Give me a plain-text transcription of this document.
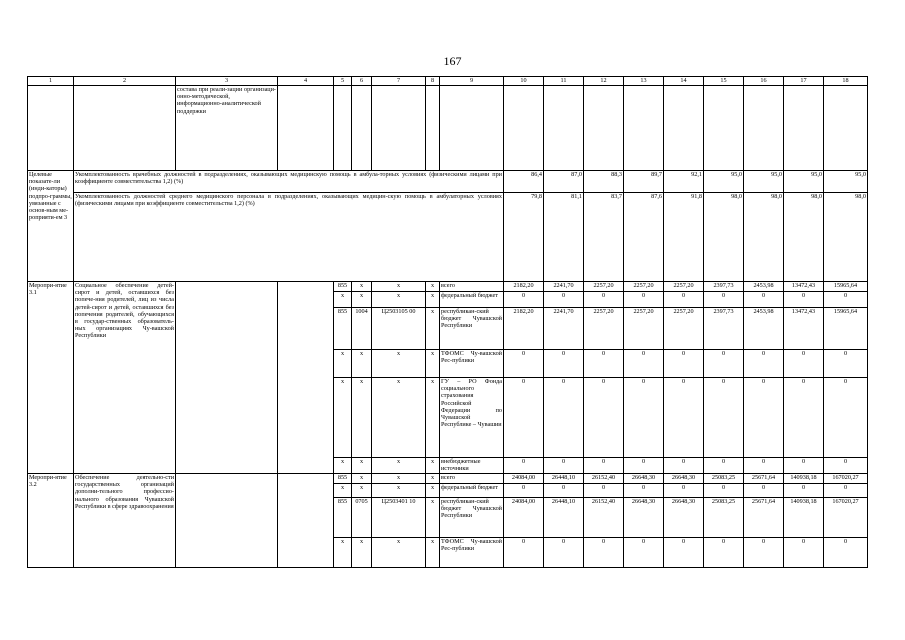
167
1	2	3	4	5	6	7	8	9	10	11	12	13	14	15	16	17	18
		состава при реали-зации организаци-онно-методической, информационно-аналитической поддержки															
Целевые показате-ли (инди-каторы) подпро-граммы, увязанные с основ-ным ме-роприяти-ем 3	Укомплектованность врачебных должностей в подразделениях, оказывающих медицинскую помощь в амбула-торных условиях (физическими лицами при коэффициенте совместительства 1,2) (%)								86,4	87,0	88,3	89,7	92,1	95,0	95,0	95,0	95,0
	Укомплектованность должностей среднего медицинского персонала в подразделениях, оказывающих медицин-скую помощь в амбулаторных условиях (физическими лицами при коэффициенте совместительства 1,2) (%)								79,8	81,1	83,7	87,6	91,8	98,0	98,0	98,0	98,0
Меропри-ятие 3.1	Социальное обеспечение детей-сирот и детей, оставшихся без попече-ния родителей, лиц из числа детей-сирот и детей, оставшихся без попечения родителей, обучающихся в государ-ственных образователь-ных организациях Чу-вашской Республики			855	x	x	x	всего	2182,20	2241,70	2257,20	2257,20	2257,20	2397,73	2453,98	13472,43	15965,64
				x	x	x	x	федеральный бюджет	0	0	0	0	0	0	0	0	0
				855	1004	Ц2503105 00	x	республикан-ский бюджет Чувашской Республики	2182,20	2241,70	2257,20	2257,20	2257,20	2397,73	2453,98	13472,43	15965,64
				x	x	x	x	ТФОМС Чу-вашской Рес-публики	0	0	0	0	0	0	0	0	0
				x	x	x	x	ГУ – РО Фонда социального страхования Российской Федерации по Чувашской Республике – Чувашии	0	0	0	0	0	0	0	0	0
				x	x	x	x	внебюджетные источники	0	0	0	0	0	0	0	0	0
Меропри-ятие 3.2	Обеспечение деятельно-сти государственных организаций дополни-тельного профессио-нального образования Чувашской Республики в сфере здравоохранения			855	x	x	x	всего	24084,00	26448,10	26152,40	26648,30	26648,30	25083,25	25671,64	140938,18	167020,27
				x	x	x	x	федеральный бюджет	0	0	0	0	0	0	0	0	0
				855	0705	Ц2503401 10	x	республикан-ский бюджет Чувашской Республики	24084,00	26448,10	26152,40	26648,30	26648,30	25083,25	25671,64	140938,18	167020,27
				x	x	x	x	ТФОМС Чу-вашской Рес-публики	0	0	0	0	0	0	0	0	0
